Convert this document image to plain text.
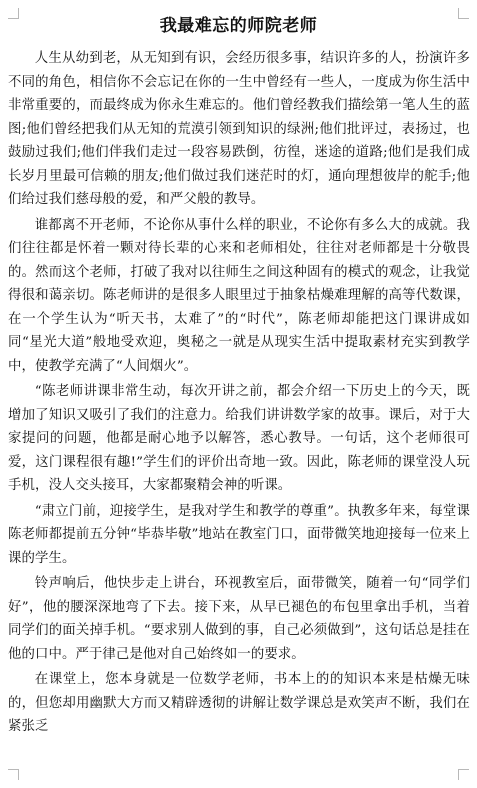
我最难忘的师院老师

人生从幼到老，从无知到有识，会经历很多事，结识许多的人，扮演许多不同的角色，相信你不会忘记在你的一生中曾经有一些人，一度成为你生活中非常重要的，而最终成为你永生难忘的。他们曾经教我们描绘第一笔人生的蓝图;他们曾经把我们从无知的荒漠引领到知识的绿洲;他们批评过，表扬过，也鼓励过我们;他们伴我们走过一段容易跌倒，彷徨，迷途的道路;他们是我们成长岁月里最可信赖的朋友;他们做过我们迷茫时的灯，通向理想彼岸的舵手;他们给过我们慈母般的爱，和严父般的教导。

谁都离不开老师，不论你从事什么样的职业，不论你有多么大的成就。我们往往都是怀着一颗对待长辈的心来和老师相处，往往对老师都是十分敬畏的。然而这个老师，打破了我对以往师生之间这种固有的模式的观念，让我觉得很和蔼亲切。陈老师讲的是很多人眼里过于抽象枯燥难理解的高等代数课，在一个学生认为“听天书，太难了”的“时代”，陈老师却能把这门课讲成如同“星光大道”般地受欢迎，奥秘之一就是从现实生活中提取素材充实到教学中，使教学充满了“人间烟火”。

“陈老师讲课非常生动，每次开讲之前，都会介绍一下历史上的今天，既增加了知识又吸引了我们的注意力。给我们讲讲数学家的故事。课后，对于大家提问的问题，他都是耐心地予以解答，悉心教导。一句话，这个老师很可爱，这门课程很有趣!”学生们的评价出奇地一致。因此，陈老师的课堂没人玩手机，没人交头接耳，大家都聚精会神的听课。

“肃立门前，迎接学生，是我对学生和教学的尊重”。执教多年来，每堂课陈老师都提前五分钟“毕恭毕敬”地站在教室门口，面带微笑地迎接每一位来上课的学生。

铃声响后，他快步走上讲台，环视教室后，面带微笑，随着一句“同学们好”，他的腰深深地弯了下去。接下来，从早已褪色的布包里拿出手机，当着同学们的面关掉手机。“要求别人做到的事，自己必须做到”，这句话总是挂在他的口中。严于律己是他对自己始终如一的要求。

在课堂上，您本身就是一位数学老师，书本上的的知识本来是枯燥无味的，但您却用幽默大方而又精辟透彻的讲解让数学课总是欢笑声不断，我们在紧张乏
